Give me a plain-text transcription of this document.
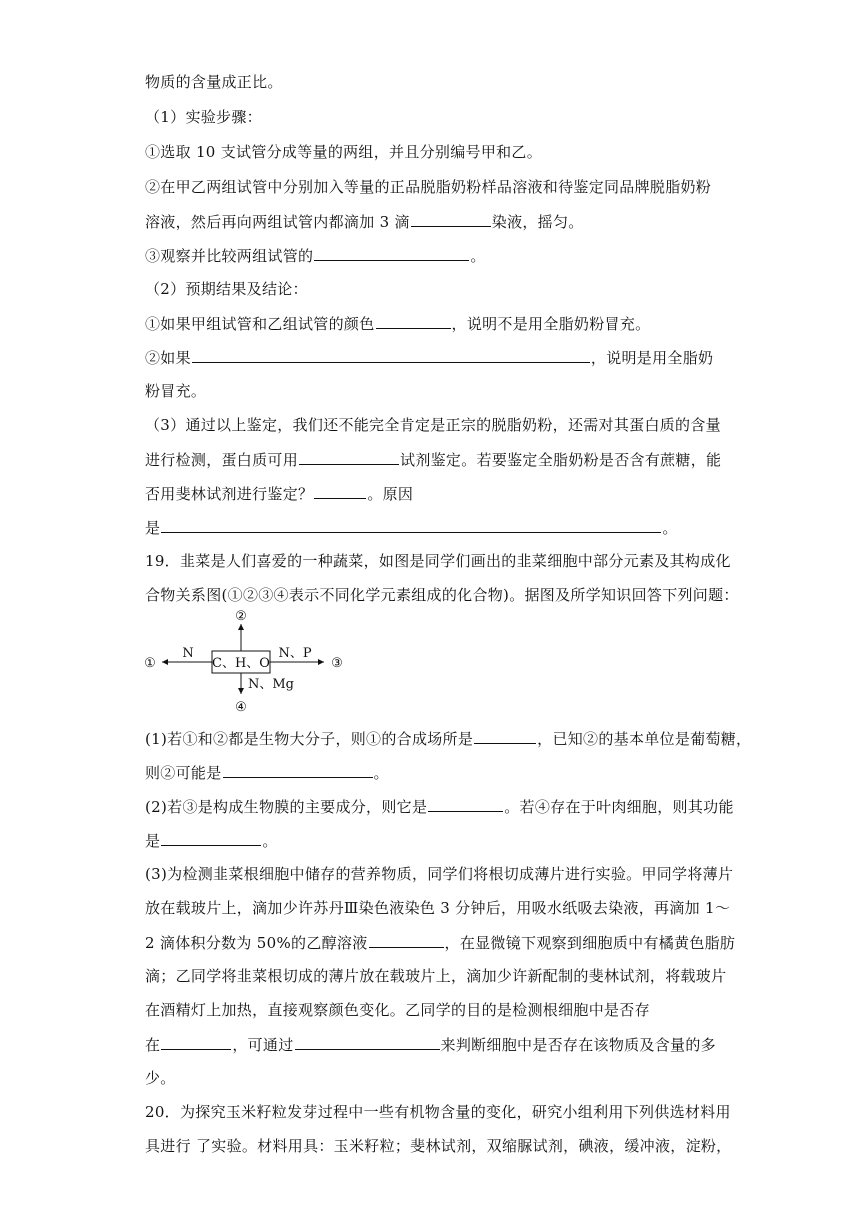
物质的含量成正比。
（1）实验步骤：
①选取 10 支试管分成等量的两组，并且分别编号甲和乙。
②在甲乙两组试管中分别加入等量的正品脱脂奶粉样品溶液和待鉴定同品牌脱脂奶粉
溶液，然后再向两组试管内都滴加 3 滴	染液，摇匀。
③观察并比较两组试管的	。
（2）预期结果及结论：
①如果甲组试管和乙组试管的颜色	，说明不是用全脂奶粉冒充。
②如果	，说明是用全脂奶
粉冒充。
（3）通过以上鉴定，我们还不能完全肯定是正宗的脱脂奶粉，还需对其蛋白质的含量
进行检测，蛋白质可用	试剂鉴定。若要鉴定全脂奶粉是否含有蔗糖，能
否用斐林试剂进行鉴定？	。原因
是	。
19．韭菜是人们喜爱的一种蔬菜，如图是同学们画出的韭菜细胞中部分元素及其构成化
合物关系图(①②③④表示不同化学元素组成的化合物)。据图及所学知识回答下列问题：
C、H、O
②
N
①
N、P
③
N、Mg
④
(1)若①和②都是生物大分子，则①的合成场所是	，已知②的基本单位是葡萄糖，
则②可能是	。
(2)若③是构成生物膜的主要成分，则它是	。若④存在于叶肉细胞，则其功能
是	。
(3)为检测韭菜根细胞中储存的营养物质，同学们将根切成薄片进行实验。甲同学将薄片
放在载玻片上，滴加少许苏丹Ⅲ染色液染色 3 分钟后，用吸水纸吸去染液，再滴加 1～
2 滴体积分数为 50%的乙醇溶液	，在显微镜下观察到细胞质中有橘黄色脂肪
滴；乙同学将韭菜根切成的薄片放在载玻片上，滴加少许新配制的斐林试剂，将载玻片
在酒精灯上加热，直接观察颜色变化。乙同学的目的是检测根细胞中是否存
在	，可通过	来判断细胞中是否存在该物质及含量的多
少。
20．为探究玉米籽粒发芽过程中一些有机物含量的变化，研究小组利用下列供选材料用
具进行 了实验。材料用具：玉米籽粒；斐林试剂，双缩脲试剂，碘液，缓冲液，淀粉，
